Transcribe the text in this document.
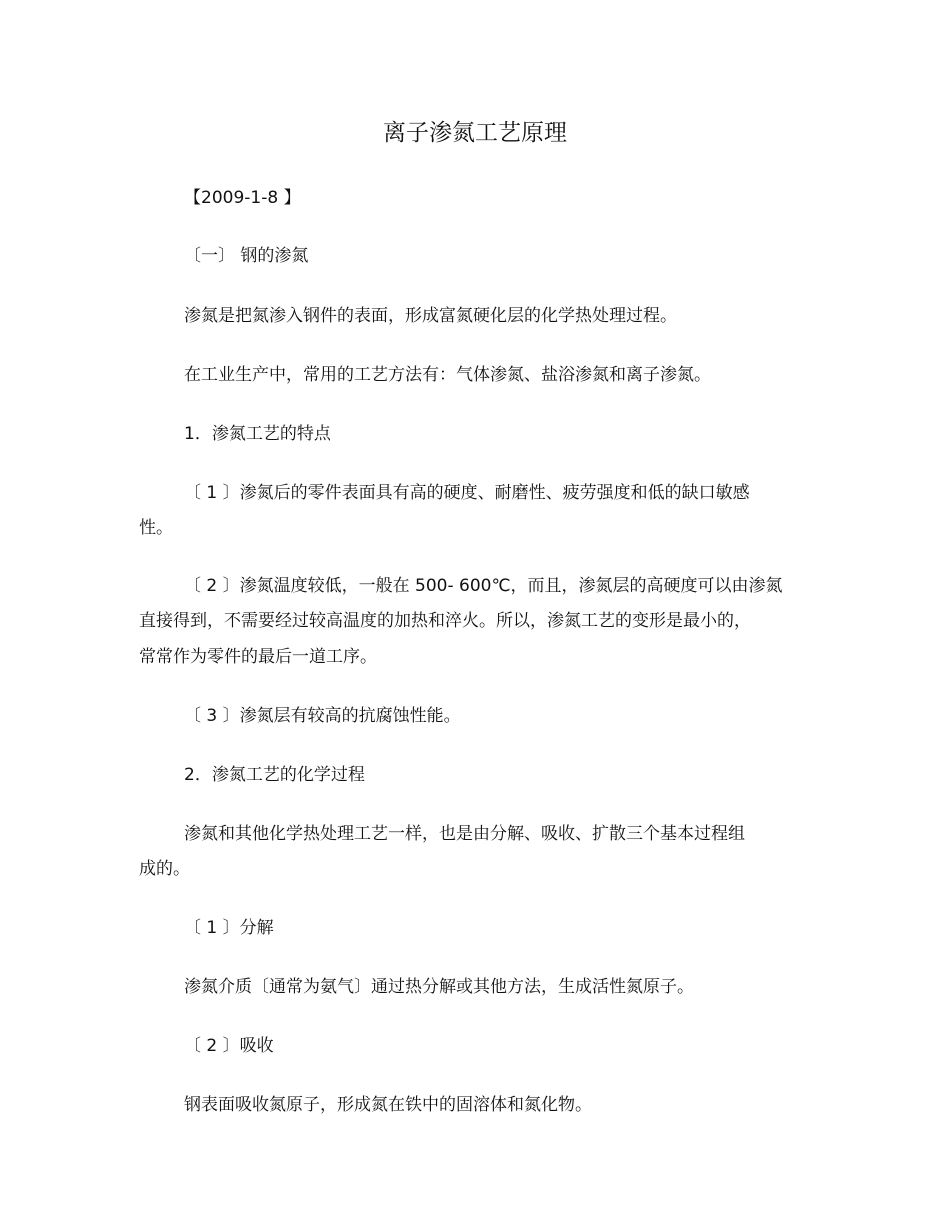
离子渗氮工艺原理
【2009-1-8 】
〔一〕 钢的渗氮
渗氮是把氮渗入钢件的表面，形成富氮硬化层的化学热处理过程。
在工业生产中，常用的工艺方法有：气体渗氮、盐浴渗氮和离子渗氮。
1．渗氮工艺的特点
〔 1 〕渗氮后的零件表面具有高的硬度、耐磨性、疲劳强度和低的缺口敏感
性。
〔 2 〕渗氮温度较低，一般在 500- 600℃，而且，渗氮层的高硬度可以由渗氮
直接得到，不需要经过较高温度的加热和淬火。所以，渗氮工艺的变形是最小的，
常常作为零件的最后一道工序。
〔 3 〕渗氮层有较高的抗腐蚀性能。
2．渗氮工艺的化学过程
渗氮和其他化学热处理工艺一样，也是由分解、吸收、扩散三个基本过程组
成的。
〔 1 〕分解
渗氮介质〔通常为氨气〕通过热分解或其他方法，生成活性氮原子。
〔 2 〕吸收
钢表面吸收氮原子，形成氮在铁中的固溶体和氮化物。
